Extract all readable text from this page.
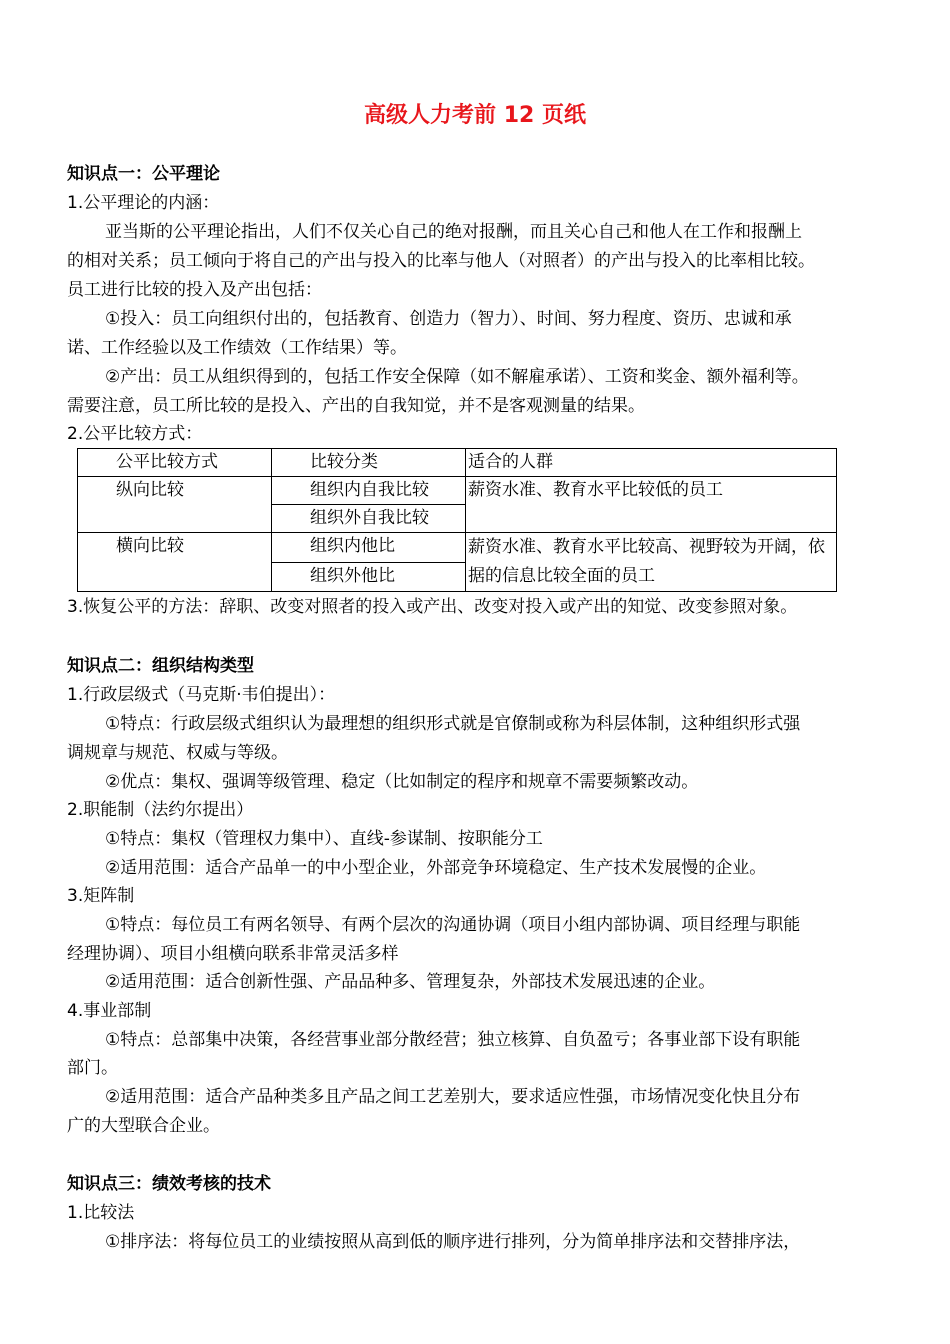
高级人力考前 12 页纸

知识点一：公平理论

1.公平理论的内涵：

亚当斯的公平理论指出，人们不仅关心自己的绝对报酬，而且关心自己和他人在工作和报酬上

的相对关系；员工倾向于将自己的产出与投入的比率与他人（对照者）的产出与投入的比率相比较。

员工进行比较的投入及产出包括：

①投入：员工向组织付出的，包括教育、创造力（智力）、时间、努力程度、资历、忠诚和承

诺、工作经验以及工作绩效（工作结果）等。

②产出：员工从组织得到的，包括工作安全保障（如不解雇承诺）、工资和奖金、额外福利等。

需要注意，员工所比较的是投入、产出的自我知觉，并不是客观测量的结果。

2.公平比较方式：

公平比较方式	比较分类	适合的人群
纵向比较	组织内自我比较	薪资水准、教育水平比较低的员工
	组织外自我比较	
横向比较	组织内他比	薪资水准、教育水平比较高、视野较为开阔，依据的信息比较全面的员工
	组织外他比	

3.恢复公平的方法：辞职、改变对照者的投入或产出、改变对投入或产出的知觉、改变参照对象。

知识点二：组织结构类型

1.行政层级式（马克斯·韦伯提出）：

①特点：行政层级式组织认为最理想的组织形式就是官僚制或称为科层体制，这种组织形式强

调规章与规范、权威与等级。

②优点：集权、强调等级管理、稳定（比如制定的程序和规章不需要频繁改动。

2.职能制（法约尔提出）

①特点：集权（管理权力集中）、直线-参谋制、按职能分工

②适用范围：适合产品单一的中小型企业，外部竞争环境稳定、生产技术发展慢的企业。

3.矩阵制

①特点：每位员工有两名领导、有两个层次的沟通协调（项目小组内部协调、项目经理与职能

经理协调）、项目小组横向联系非常灵活多样

②适用范围：适合创新性强、产品品种多、管理复杂，外部技术发展迅速的企业。

4.事业部制

①特点：总部集中决策，各经营事业部分散经营；独立核算、自负盈亏；各事业部下设有职能

部门。

②适用范围：适合产品种类多且产品之间工艺差别大，要求适应性强，市场情况变化快且分布

广的大型联合企业。

知识点三：绩效考核的技术

1.比较法

①排序法：将每位员工的业绩按照从高到低的顺序进行排列，分为简单排序法和交替排序法，
